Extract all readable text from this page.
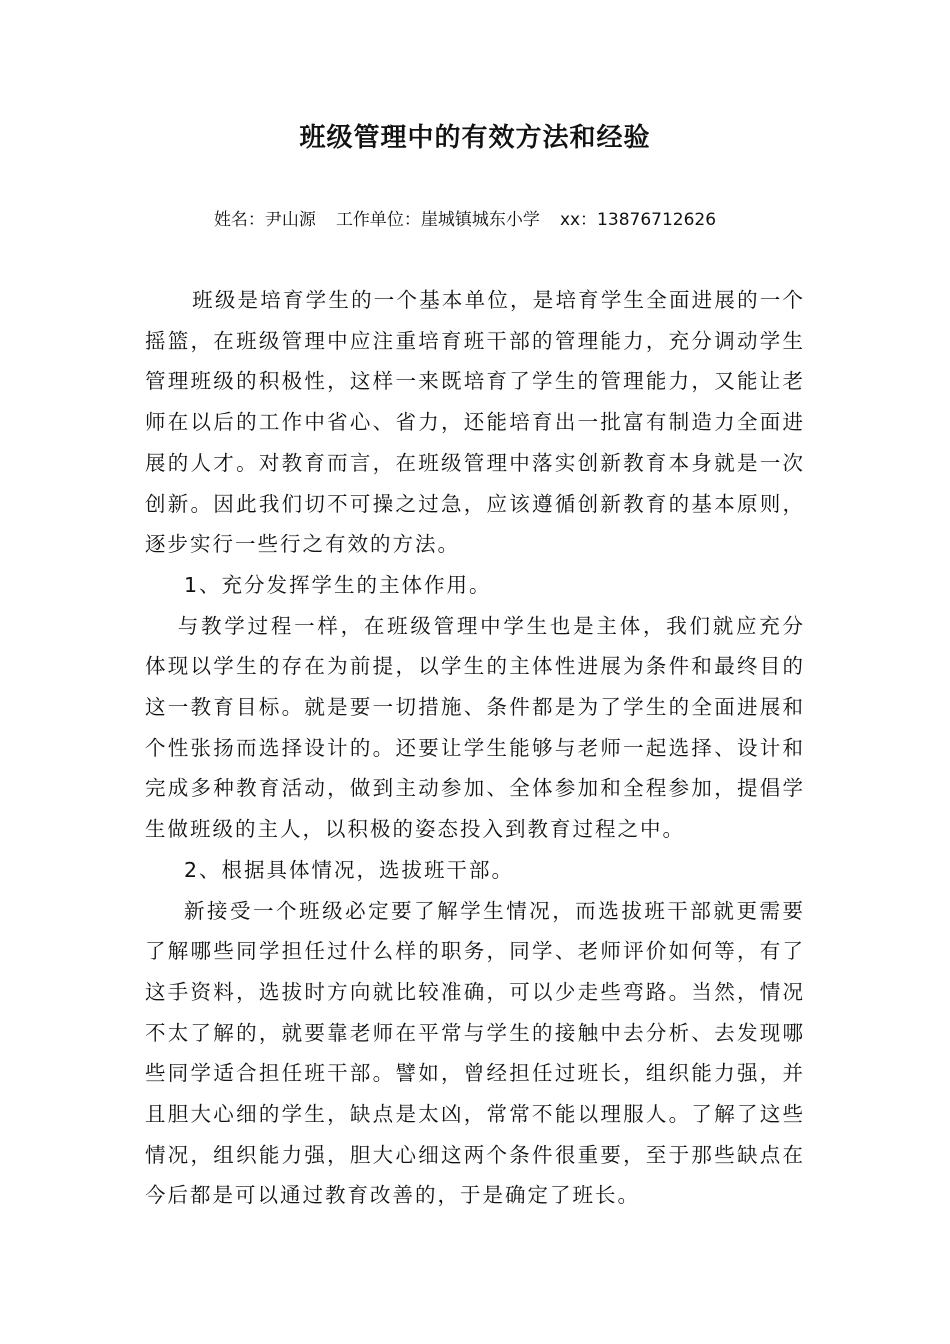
班级管理中的有效方法和经验
姓名：尹山源 工作单位：崖城镇城东小学 xx：13876712626

班级是培育学生的一个基本单位，是培育学生全面进展的一个摇篮，在班级管理中应注重培育班干部的管理能力，充分调动学生管理班级的积极性，这样一来既培育了学生的管理能力，又能让老师在以后的工作中省心、省力，还能培育出一批富有制造力全面进展的人才。对教育而言，在班级管理中落实创新教育本身就是一次创新。因此我们切不可操之过急，应该遵循创新教育的基本原则，逐步实行一些行之有效的方法。

1、充分发挥学生的主体作用。

与教学过程一样，在班级管理中学生也是主体，我们就应充分体现以学生的存在为前提，以学生的主体性进展为条件和最终目的这一教育目标。就是要一切措施、条件都是为了学生的全面进展和个性张扬而选择设计的。还要让学生能够与老师一起选择、设计和完成多种教育活动，做到主动参加、全体参加和全程参加，提倡学生做班级的主人，以积极的姿态投入到教育过程之中。

2、根据具体情况，选拔班干部。

新接受一个班级必定要了解学生情况，而选拔班干部就更需要了解哪些同学担任过什么样的职务，同学、老师评价如何等，有了这手资料，选拔时方向就比较准确，可以少走些弯路。当然，情况不太了解的，就要靠老师在平常与学生的接触中去分析、去发现哪些同学适合担任班干部。譬如，曾经担任过班长，组织能力强，并且胆大心细的学生，缺点是太凶，常常不能以理服人。了解了这些情况，组织能力强，胆大心细这两个条件很重要，至于那些缺点在今后都是可以通过教育改善的，于是确定了班长。
